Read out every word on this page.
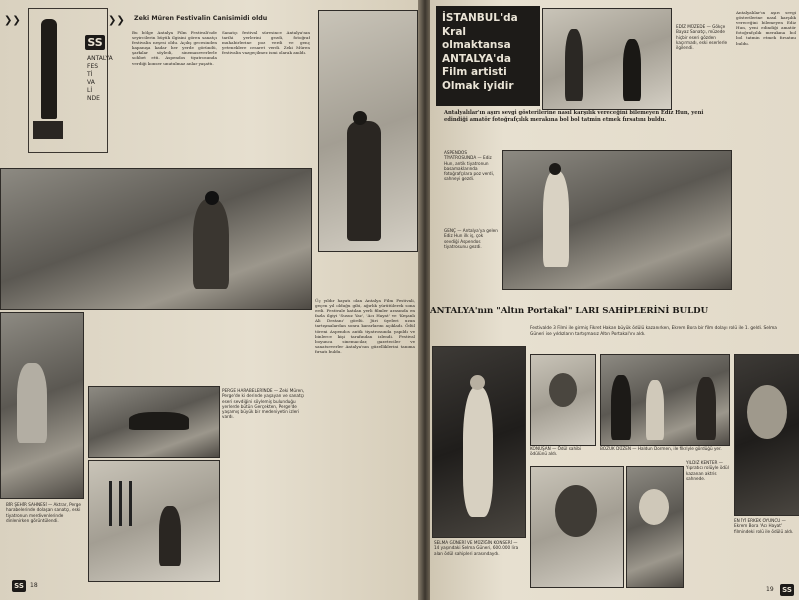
❯❯
SS
ANTALYA
FES
Tİ
VA
Lİ
NDE
❯❯ Zeki Müren Festivalin Canisimidi oldu
Bu bölge Antalya Film Festivali'nde seyircilerin büyük ilgisini gören sanatçı festivalin neşesi oldu. Açılış gecesinden kapanışa kadar her yerde göründü, şarkılar söyledi, sinemaseverlerle sohbet etti. Aspendos tiyatrosunda verdiği konser unutulmaz anlar yaşattı.
Sanatçı festival süresince Antalya'nın tarihi yerlerini gezdi, fotoğraf muhabirlerine poz verdi ve genç yeteneklere cesaret verdi. Zeki Müren festivalin vazgeçilmez ismi olarak anıldı.
PERGE HARABELERİNDE — Zeki Müren, Perge'de ki derinde yaşayan ve sanatçı eseri sevdiğini söylemiş bulunduğu yerlerde bütün Gerçekten, Perge'de yaşamış büyük bir medeniyetin izleri vardı.
BİR ŞEHİR SAHNESİ — Aktrar, Perge harabelerinde dolaşan sanatçı, eski tiyatronun merdivenlerinde dinlenirken görüntülendi.
Üç yıldır hayatı olan Antalya Film Festivali, geçen yıl olduğu gibi, ağırlık yürütülerek sona erdi. Festivale katılan yerli filmler arasında en fazla ilgiyi 'Susuz Yaz', 'Acı Hayat' ve 'Keşanlı Ali Destanı' gördü. Jüri üyeleri uzun tartışmalardan sonra kararlarını açıkladı. Ödül töreni Aspendos antik tiyatrosunda yapıldı ve binlerce kişi tarafından izlendi. Festival boyunca sinemacılar, gazeteciler ve sanatseverler Antalya'nın güzelliklerini tanıma fırsatı buldu.
SS	18
İSTANBUL'da Kral olmaktansa ANTALYA'da Film artisti Olmak iyidir
EDİZ MÜZEDE — Gökçe Bayaz Sanatçı, müzede hiçbir eseri gözden kaçırmadı, eski eserlerle ilgilendi.
Antalyalılar'ın aşırı sevgi gösterilerine nasıl karşılık vereceğini bilemeyen Ediz Hun, yeni edindiği amatör fotoğrafçılık merakına bol bol tatmin etmek fırsatını buldu.
Antalyalılar'ın aşırı sevgi gösterilerine nasıl karşılık vereceğini bilemeyen Ediz Hun, yeni edindiği amatör fotoğrafçılık merakına bol bol tatmin etmek fırsatını buldu.
ASPENDOS TİYATROSUNDA — Ediz Hun, antik tiyatronun basamaklarında fotoğrafçılara poz verdi, sahneyi gezdi.
GENÇ — Antalya'ya gelen Ediz Hun ilk iş, çok sevdiği Aspendos tiyatrosunu gezdi.
ANTALYA'nın "Altın Portakal" LARI SAHİPLERİNİ BULDU
Festivalde 3 Filmi ile girmiş Fikret Hakan büyük ödülü kazanırken, Ekrem Bora bir film dolayı rolü ile 1. geldi. Selma Güneri ise yıldızların tartışmasız Altın Portakal'ını aldı.
SELMA GÜNERİ VE MÜZİĞİN KONSERİ — 14 yaşındaki Selma Güneri, 600.000 lira alan ödül sahipleri arasındaydı.
KONUŞAN — Ödül sahibi ödülünü aldı.
BOZUK DÜZEN — Haldun Dormen, ile fikriyle gördüğü yer.
YILDIZ KENTER — Yıpratıcı rolüyle ödül kazanan aktris sahnede.
EN İYİ ERKEK OYUNCU — Ekrem Bora 'Acı Hayat' filmindeki rolü ile ödülü aldı.
SS
19
